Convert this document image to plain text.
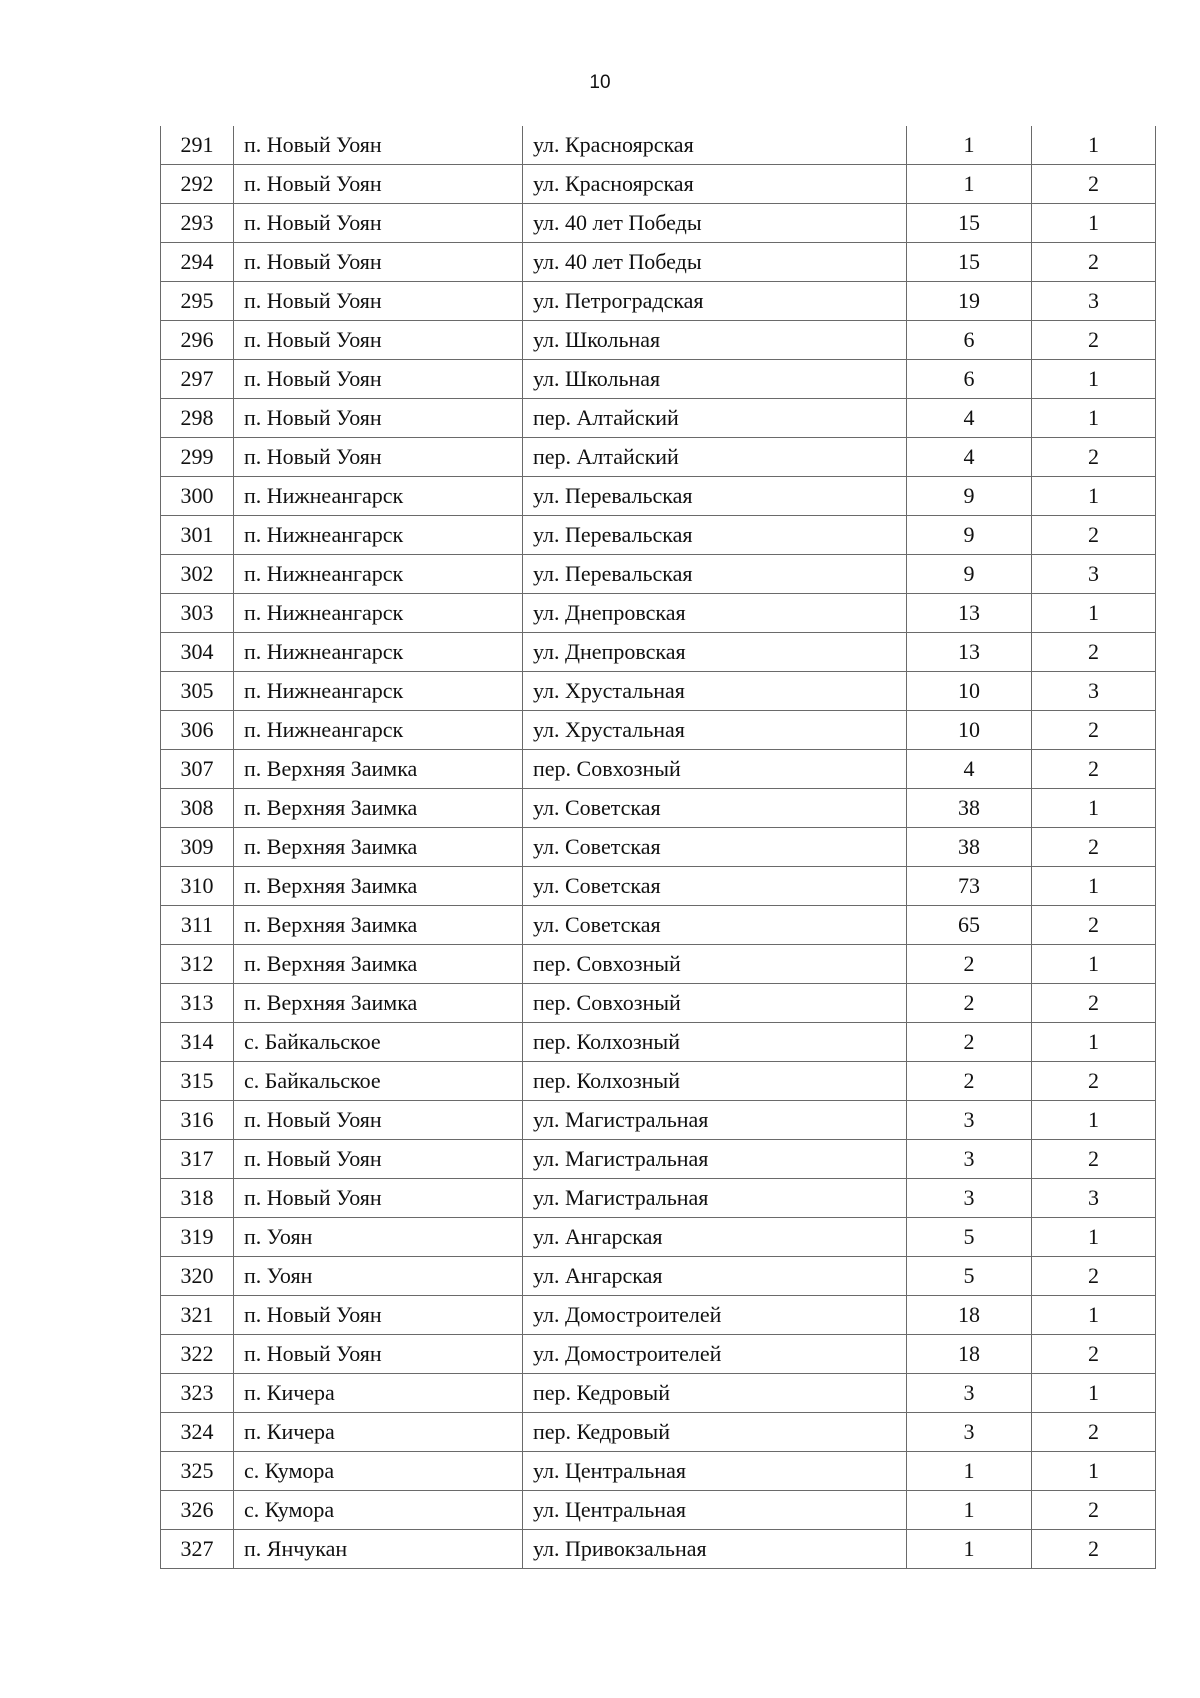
10
291	п. Новый Уоян	ул. Красноярская	1	1
292	п. Новый Уоян	ул. Красноярская	1	2
293	п. Новый Уоян	ул. 40 лет Победы	15	1
294	п. Новый Уоян	ул. 40 лет Победы	15	2
295	п. Новый Уоян	ул. Петроградская	19	3
296	п. Новый Уоян	ул. Школьная	6	2
297	п. Новый Уоян	ул. Школьная	6	1
298	п. Новый Уоян	пер. Алтайский	4	1
299	п. Новый Уоян	пер. Алтайский	4	2
300	п. Нижнеангарск	ул. Перевальская	9	1
301	п. Нижнеангарск	ул. Перевальская	9	2
302	п. Нижнеангарск	ул. Перевальская	9	3
303	п. Нижнеангарск	ул. Днепровская	13	1
304	п. Нижнеангарск	ул. Днепровская	13	2
305	п. Нижнеангарск	ул. Хрустальная	10	3
306	п. Нижнеангарск	ул. Хрустальная	10	2
307	п. Верхняя Заимка	пер. Совхозный	4	2
308	п. Верхняя Заимка	ул. Советская	38	1
309	п. Верхняя Заимка	ул. Советская	38	2
310	п. Верхняя Заимка	ул. Советская	73	1
311	п. Верхняя Заимка	ул. Советская	65	2
312	п. Верхняя Заимка	пер. Совхозный	2	1
313	п. Верхняя Заимка	пер. Совхозный	2	2
314	с. Байкальское	пер. Колхозный	2	1
315	с. Байкальское	пер. Колхозный	2	2
316	п. Новый Уоян	ул. Магистральная	3	1
317	п. Новый Уоян	ул. Магистральная	3	2
318	п. Новый Уоян	ул. Магистральная	3	3
319	п. Уоян	ул. Ангарская	5	1
320	п. Уоян	ул. Ангарская	5	2
321	п. Новый Уоян	ул. Домостроителей	18	1
322	п. Новый Уоян	ул. Домостроителей	18	2
323	п. Кичера	пер. Кедровый	3	1
324	п. Кичера	пер. Кедровый	3	2
325	с. Кумора	ул. Центральная	1	1
326	с. Кумора	ул. Центральная	1	2
327	п. Янчукан	ул. Привокзальная	1	2
